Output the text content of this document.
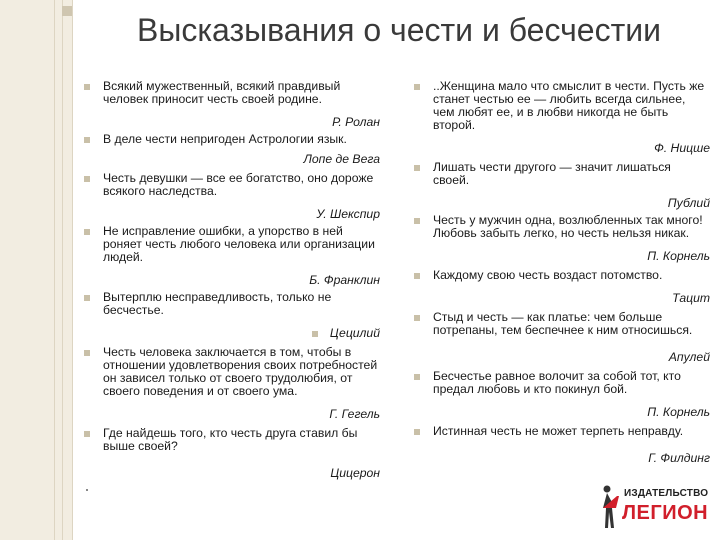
Высказывания о чести и бесчестии
Всякий мужественный, всякий правдивый человек приносит честь своей родине.
Р. Ролан
В деле чести непригоден Астрологии язык.
Лопе де Вега
Честь девушки — все ее богатство, оно дороже всякого наследства.
У. Шекспир
Не исправление ошибки, а упорство в ней роняет честь любого человека или организации людей.
Б. Франклин
Вытерплю несправедливость, только не бесчестье.
Цецилий
Честь человека заключается в том, чтобы в отношении удовлетворения своих потребностей он зависел только от своего трудолюбия, от своего поведения и от своего ума.
Г. Гегель
Где найдешь того, кто честь друга ставил бы выше своей?
Цицерон
..Женщина мало что смыслит в чести. Пусть же станет честью ее — любить всегда сильнее, чем любят ее, и в любви никогда не быть второй.
Ф. Ницше
Лишать чести другого — значит лишаться своей.
Публий
Честь у мужчин одна, возлюбленных так много! Любовь забыть легко, но честь нельзя никак.
П. Корнель
Каждому свою честь воздаст потомство.
Тацит
Стыд и честь — как платье: чем больше потрепаны, тем беспечнее к ним относишься.
Апулей
Бесчестье равное волочит за собой тот, кто предал любовь и кто покинул бой.
П. Корнель
Истинная честь не может терпеть неправду.
Г. Филдинг
ИЗДАТЕЛЬСТВО
ЛЕГИОН
